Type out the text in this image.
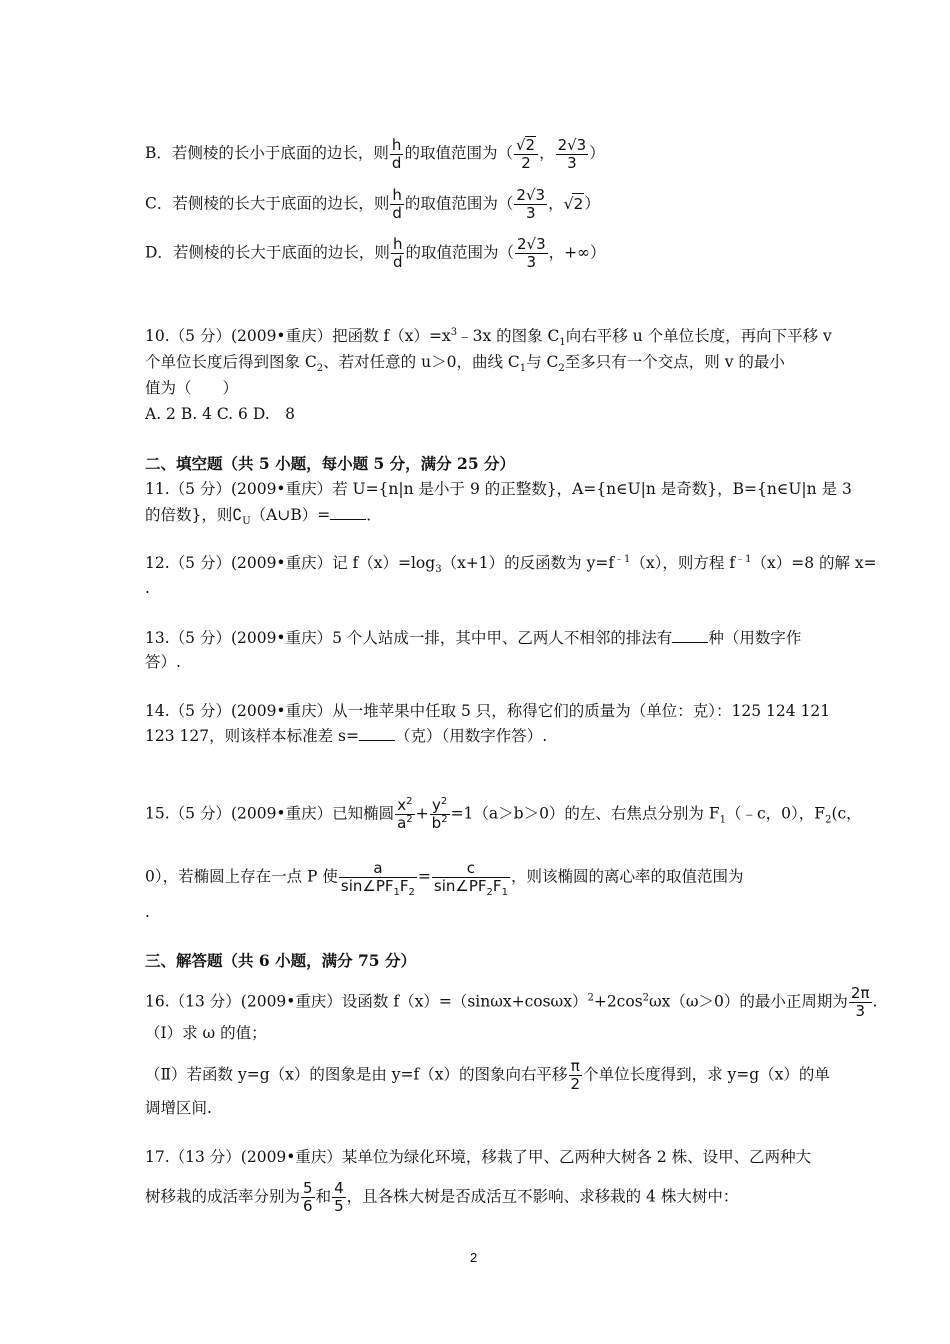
B．若侧棱的长小于底面的边长，则 $\frac{h}{d}$ 的取值范围为（ $\frac{√2}{2}$ ， $\frac{2√3}{3}$ ）
C．若侧棱的长大于底面的边长，则 $\frac{h}{d}$ 的取值范围为（ $\frac{2√3}{3}$ ，√2）
D．若侧棱的长大于底面的边长，则 $\frac{h}{d}$ 的取值范围为（ $\frac{2√3}{3}$ ，+∞）
10.（5 分）(2009•重庆）把函数 $f(x)=x^3﹣3x$ 的图象 $C_1$向右平移 u 个单位长度，再向下平移 v
个单位长度后得到图象 $C_2$、若对任意的 u＞0，曲线 $C_1$与 $C_2$至多只有一个交点，则 v 的最小
值为（　　）
A. 2 B. 4 C. 6 D.　8
二、填空题（共 5 小题，每小题 5 分，满分 25 分）
11.（5 分）(2009•重庆）若 U={n|n 是小于 9 的正整数}，A={n∈U|n 是奇数}，B={n∈U|n 是 3
的倍数}，则$∁_U(A\cup B)=$ ．
12.（5 分）(2009•重庆）记 $f(x)=\log_3(x+1)$的反函数为 $y=f^{﹣1}(x)$，则方程 $f^{﹣1}(x)=8$ 的解 x=
.
13.（5 分）(2009•重庆）5 个人站成一排，其中甲、乙两人不相邻的排法有 种（用数字作
答）.
14.（5 分）(2009•重庆）从一堆苹果中任取 5 只，称得它们的质量为（单位：克）：125 124 121
123 127，则该样本标准差 s= （克）（用数字作答）.
15.（5 分）(2009•重庆）已知椭圆 $\frac{x^2}{a^2} + \frac{y^2}{b^2} =1(a>b>0)$的左、右焦点分别为 $F_1(﹣c$，0），$F_2(c$，
0），若椭圆上存在一点 P 使 $\frac{a}{\sin\angle PF_1F_2} = \frac{c}{\sin\angle PF_2F_1}$ ，则该椭圆的离心率的取值范围为
.
三、解答题（共 6 小题，满分 75 分）
16.（13 分）(2009•重庆）设函数 $f(x)=(\sin\omega x+\cos\omega x)^2+2\cos^2\omega x(\omega>0)$的最小正周期为 $\frac{2\pi}{3}$ .
（Ⅰ）求 ω 的值；
（Ⅱ）若函数 y=g（x）的图象是由 y=f（x）的图象向右平移 $\frac{\pi}{2}$ 个单位长度得到，求 y=g（x）的单
调增区间.
17.（13 分）(2009•重庆）某单位为绿化环境，移栽了甲、乙两种大树各 2 株、设甲、乙两种大
树移栽的成活率分别为 $\frac{5}{6}$ 和 $\frac{4}{5}$ ，且各株大树是否成活互不影响、求移栽的 4 株大树中：
2
